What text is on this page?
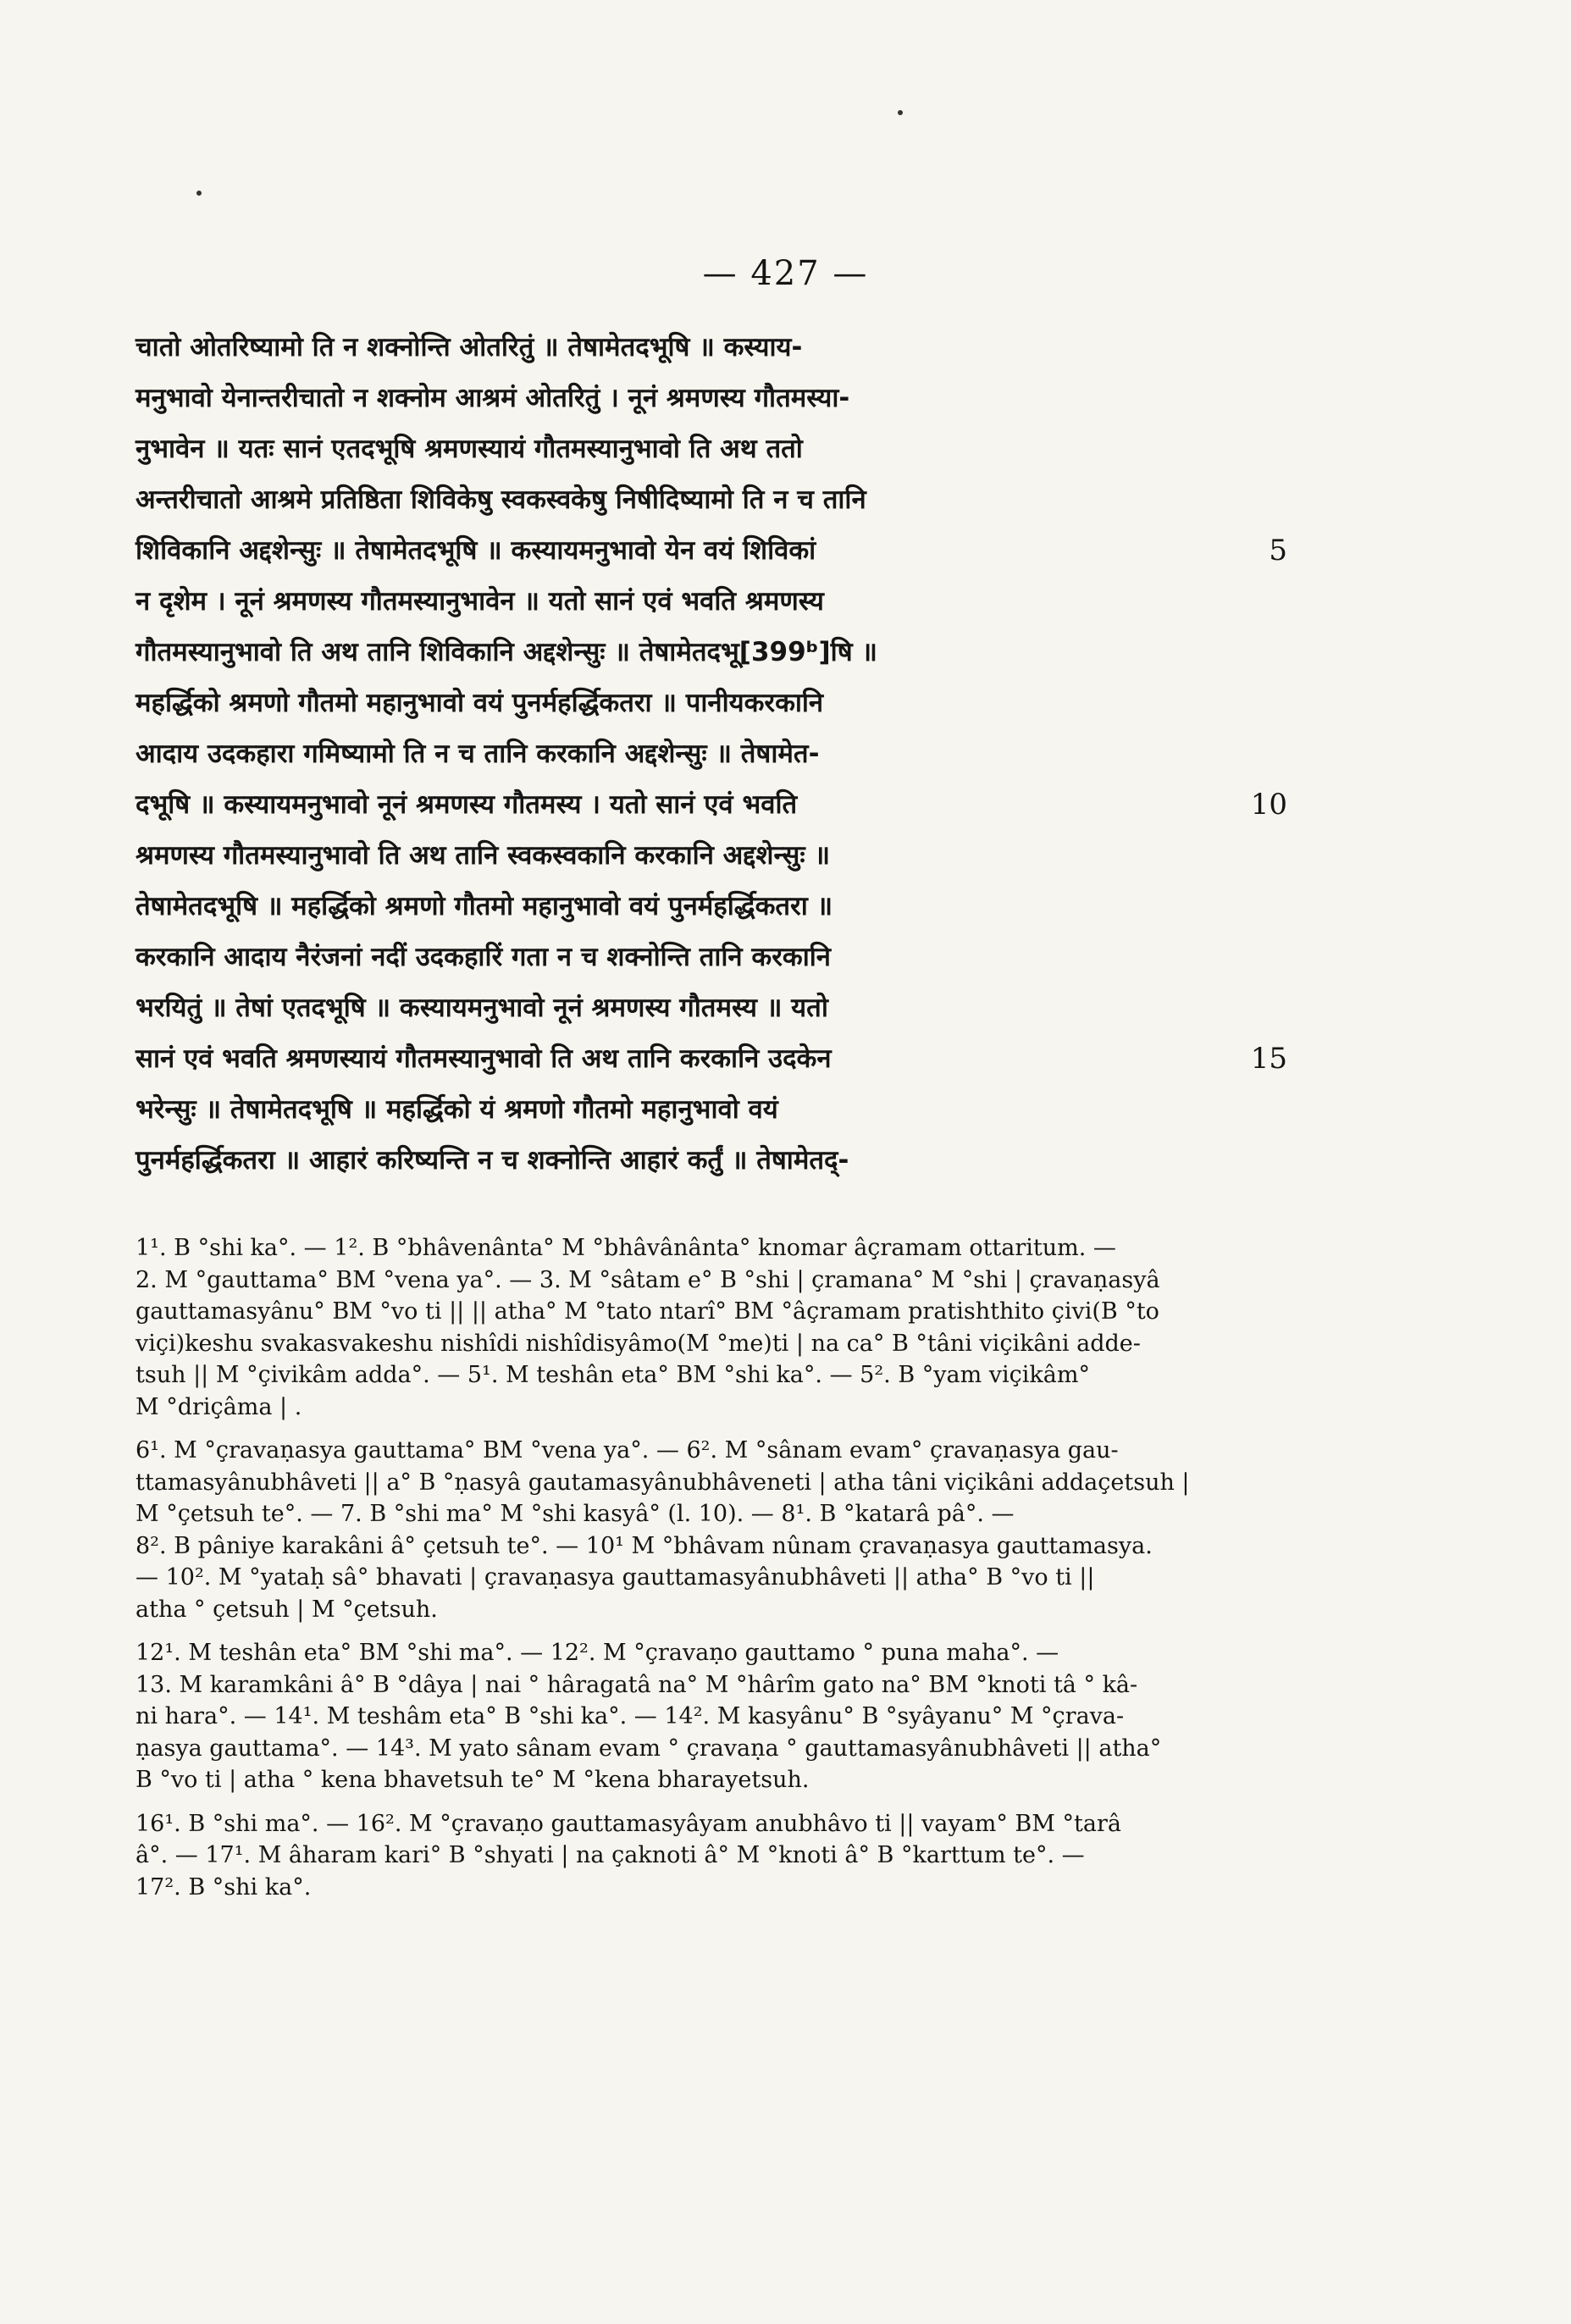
— 427 —
चातो ओतरिष्यामो ति न शक्नोन्ति ओतरितुं ॥ तेषामेतदभूषि ॥ कस्याय-
मनुभावो येनान्तरीचातो न शक्नोम आश्रमं ओतरितुं । नूनं श्रमणस्य गौतमस्या-
नुभावेन ॥ यतः सानं एतदभूषि श्रमणस्यायं गौतमस्यानुभावो ति अथ ततो
अन्तरीचातो आश्रमे प्रतिष्ठिता शिविकेषु स्वकस्वकेषु निषीदिष्यामो ति न च तानि
शिविकानि अद्दशेन्सुः ॥ तेषामेतदभूषि ॥ कस्यायमनुभावो येन वयं शिविकां	5
न दृशेम । नूनं श्रमणस्य गौतमस्यानुभावेन ॥ यतो सानं एवं भवति श्रमणस्य
गौतमस्यानुभावो ति अथ तानि शिविकानि अद्दशेन्सुः ॥ तेषामेतदभू[399ᵇ]षि ॥
महर्द्धिको श्रमणो गौतमो महानुभावो वयं पुनर्महर्द्धिकतरा ॥ पानीयकरकानि
आदाय उदकहारा गमिष्यामो ति न च तानि करकानि अद्दशेन्सुः ॥ तेषामेत-
दभूषि ॥ कस्यायमनुभावो नूनं श्रमणस्य गौतमस्य । यतो सानं एवं भवति	10
श्रमणस्य गौतमस्यानुभावो ति अथ तानि स्वकस्वकानि करकानि अद्दशेन्सुः ॥
तेषामेतदभूषि ॥ महर्द्धिको श्रमणो गौतमो महानुभावो वयं पुनर्महर्द्धिकतरा ॥
करकानि आदाय नैरंजनां नदीं उदकहारिं गता न च शक्नोन्ति तानि करकानि
भरयितुं ॥ तेषां एतदभूषि ॥ कस्यायमनुभावो नूनं श्रमणस्य गौतमस्य ॥ यतो
सानं एवं भवति श्रमणस्यायं गौतमस्यानुभावो ति अथ तानि करकानि उदकेन	15
भरेन्सुः ॥ तेषामेतदभूषि ॥ महर्द्धिको यं श्रमणो गौतमो महानुभावो वयं
पुनर्महर्द्धिकतरा ॥ आहारं करिष्यन्ति न च शक्नोन्ति आहारं कर्तुं ॥ तेषामेतद्-
1¹. B °shi ka°. — 1². B °bhâvenânta° M °bhâvânânta° knomar âçramam ottaritum. —
2. M °gauttama° BM °vena ya°. — 3. M °sâtam e° B °shi | çramana° M °shi | çravaṇasyâ
gauttamasyânu° BM °vo ti || || atha° M °tato ntarî° BM °âçramam pratishthito çivi(B °to
viçi)keshu svakasvakeshu nishîdi nishîdisyâmo(M °me)ti | na ca° B °tâni viçikâni adde-
tsuh || M °çivikâm adda°. — 5¹. M teshân eta° BM °shi ka°. — 5². B °yam viçikâm°
M °driçâma | .
6¹. M °çravaṇasya gauttama° BM °vena ya°. — 6². M °sânam evam° çravaṇasya gau-
ttamasyânubhâveti || a° B °ṇasyâ gautamasyânubhâveneti | atha tâni viçikâni addaçetsuh |
M °çetsuh te°. — 7. B °shi ma° M °shi kasyâ° (l. 10). — 8¹. B °katarâ pâ°. —
8². B pâniye karakâni â° çetsuh te°. — 10¹ M °bhâvam nûnam çravaṇasya gauttamasya.
— 10². M °yataḥ sâ° bhavati | çravaṇasya gauttamasyânubhâveti || atha° B °vo ti ||
atha ° çetsuh | M °çetsuh.
12¹. M teshân eta° BM °shi ma°. — 12². M °çravaṇo gauttamo ° puna maha°. —
13. M karamkâni â° B °dâya | nai ° hâragatâ na° M °hârîm gato na° BM °knoti tâ ° kâ-
ni hara°. — 14¹. M teshâm eta° B °shi ka°. — 14². M kasyânu° B °syâyanu° M °çrava-
ṇasya gauttama°. — 14³. M yato sânam evam ° çravaṇa ° gauttamasyânubhâveti || atha°
B °vo ti | atha ° kena bhavetsuh te° M °kena bharayetsuh.
16¹. B °shi ma°. — 16². M °çravaṇo gauttamasyâyam anubhâvo ti || vayam° BM °tarâ
â°. — 17¹. M âharam kari° B °shyati | na çaknoti â° M °knoti â° B °karttum te°. —
17². B °shi ka°.
